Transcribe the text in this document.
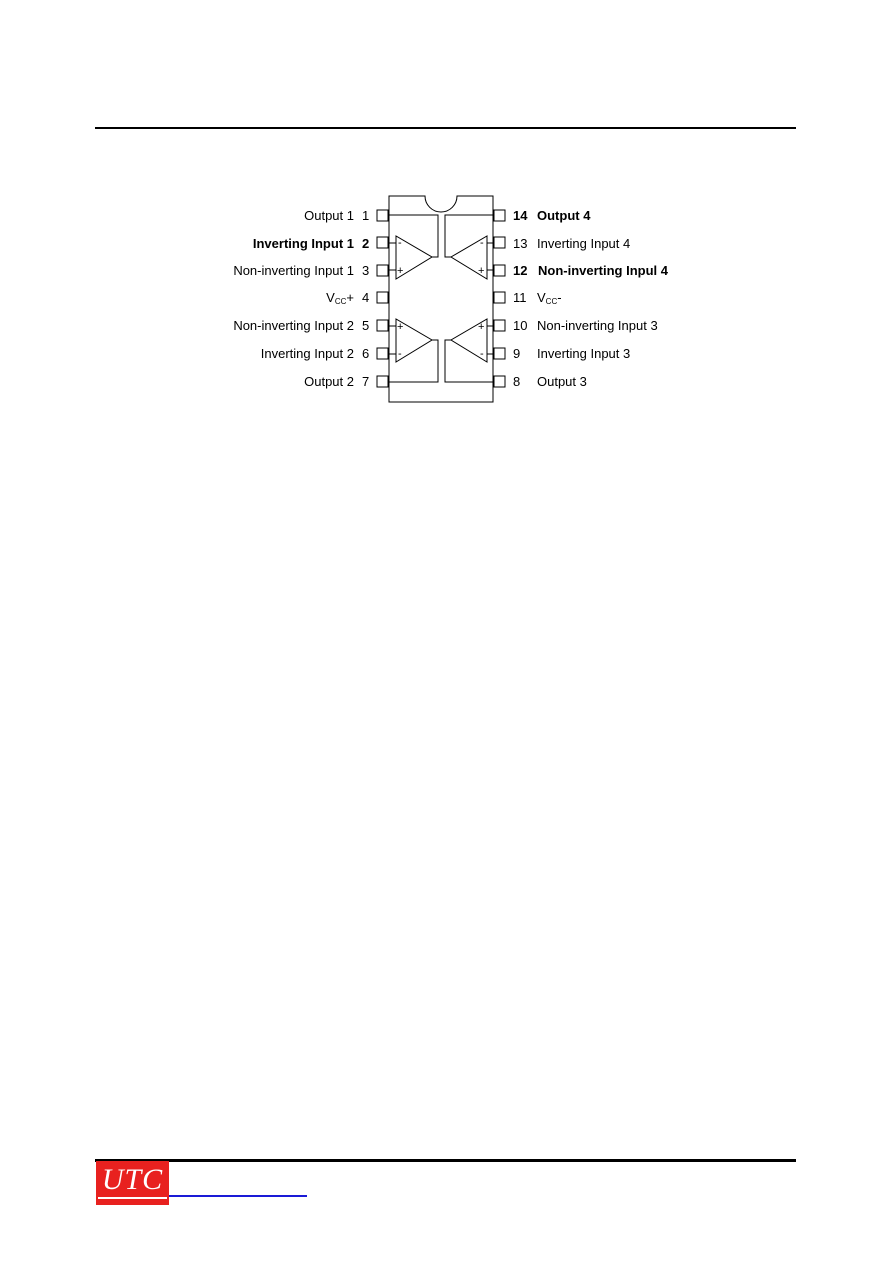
-
+
-
+
+
-
+
-
Output 1
Inverting Input 1
Non-inverting Input 1
$V_{CC}+$
Non-inverting Input 2
Inverting Input 2
Output 2
1
2
3
4
5
6
7
14
13
12
11
10
9
8
Output 4
Inverting Input 4
Non-inverting Inpul 4
$V_{CC}-$
Non-inverting Input 3
Inverting Input 3
Output 3
UTC
